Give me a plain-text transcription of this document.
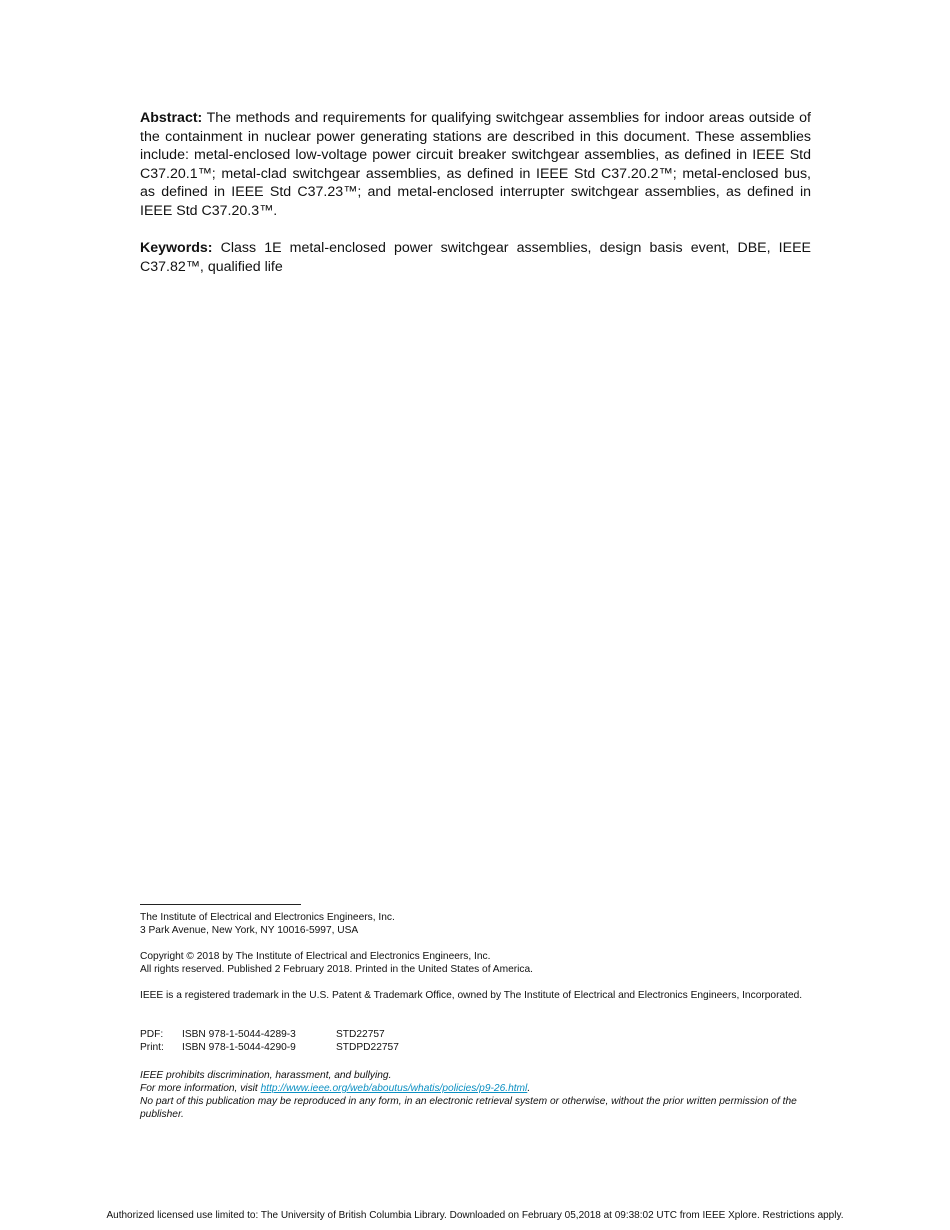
Abstract: The methods and requirements for qualifying switchgear assemblies for indoor areas outside of the containment in nuclear power generating stations are described in this document. These assemblies include: metal-enclosed low-voltage power circuit breaker switchgear assemblies, as defined in IEEE Std C37.20.1™; metal-clad switchgear assemblies, as defined in IEEE Std C37.20.2™; metal-enclosed bus, as defined in IEEE Std C37.23™; and metal-enclosed interrupter switchgear assemblies, as defined in IEEE Std C37.20.3™.
Keywords: Class 1E metal-enclosed power switchgear assemblies, design basis event, DBE, IEEE C37.82™, qualified life

The Institute of Electrical and Electronics Engineers, Inc.

3 Park Avenue, New York, NY 10016-5997, USA

Copyright © 2018 by The Institute of Electrical and Electronics Engineers, Inc.

All rights reserved. Published 2 February 2018. Printed in the United States of America.

IEEE is a registered trademark in the U.S. Patent & Trademark Office, owned by The Institute of Electrical and Electronics Engineers, Incorporated.

PDF:	ISBN 978-1-5044-4289-3	STD22757
Print:	ISBN 978-1-5044-4290-9	STDPD22757

IEEE prohibits discrimination, harassment, and bullying.

For more information, visit http://www.ieee.org/web/aboutus/whatis/policies/p9-26.html.

No part of this publication may be reproduced in any form, in an electronic retrieval system or otherwise, without the prior written permission of the publisher.

Authorized licensed use limited to: The University of British Columbia Library. Downloaded on February 05,2018 at 09:38:02 UTC from IEEE Xplore. Restrictions apply.
